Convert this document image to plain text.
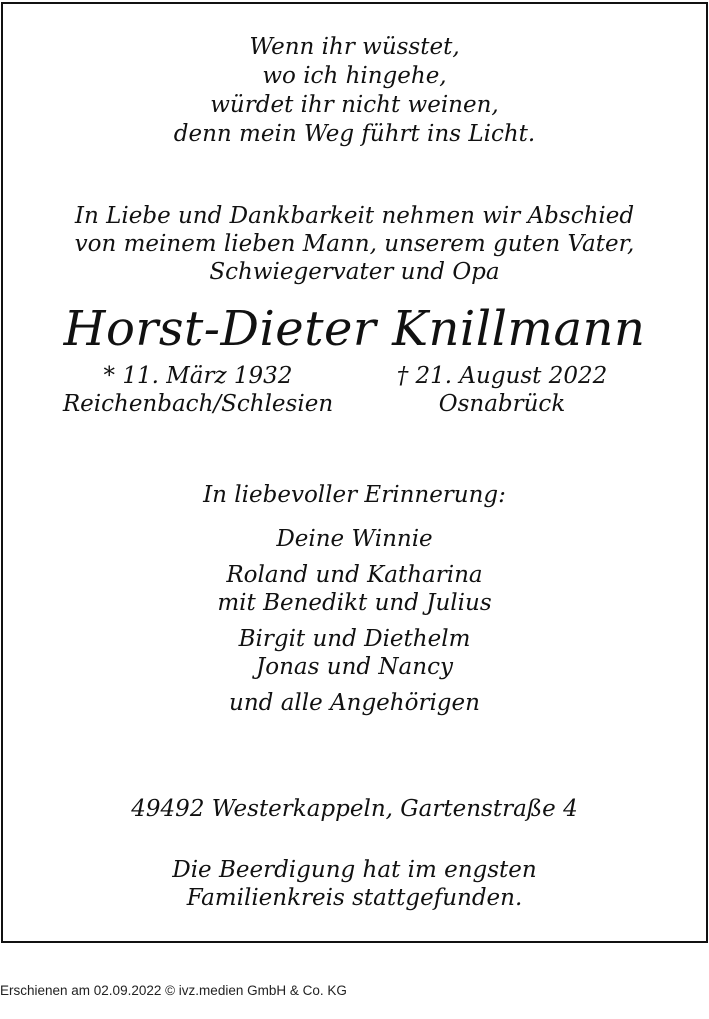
Wenn ihr wüsstet,
wo ich hingehe,
würdet ihr nicht weinen,
denn mein Weg führt ins Licht.
In Liebe und Dankbarkeit nehmen wir Abschied
von meinem lieben Mann, unserem guten Vater,
Schwiegervater und Opa
Horst-Dieter Knillmann
* 11. März 1932
Reichenbach/Schlesien
† 21. August 2022
Osnabrück
In liebevoller Erinnerung:
Deine Winnie
Roland und Katharina
mit Benedikt und Julius
Birgit und Diethelm
Jonas und Nancy
und alle Angehörigen
49492 Westerkappeln, Gartenstraße 4
Die Beerdigung hat im engsten
Familienkreis stattgefunden.
Erschienen am 02.09.2022 © ivz.medien GmbH & Co. KG
